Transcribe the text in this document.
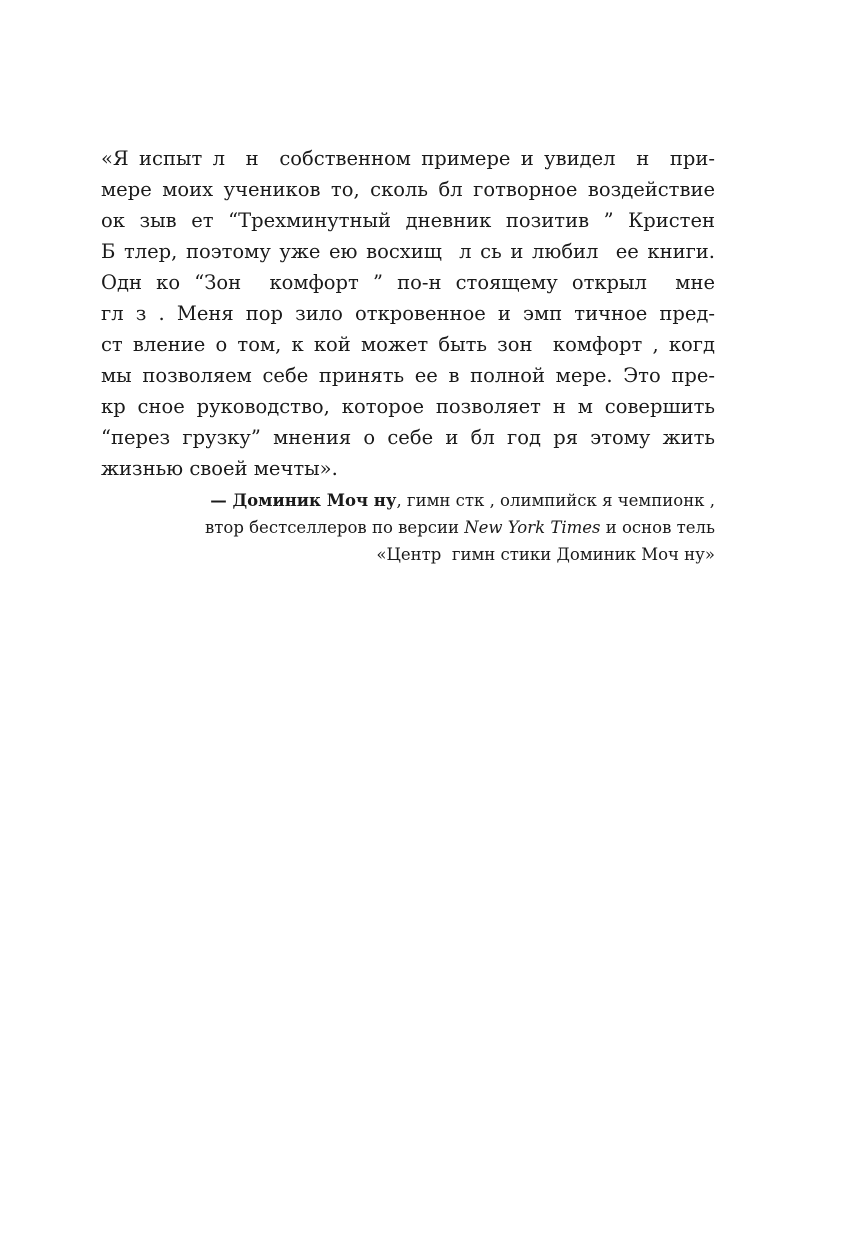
«Я испыт л  н  собственном примере и увидел  н  при-
мере моих учеников то, сколь бл готворное воздействие
ок зыв ет “Трехминутный дневник позитив ” Кристен
Б тлер, поэтому уже ею восхищ  л сь и любил  ее книги.
Одн ко “Зон  комфорт ” по-н стоящему открыл  мне
гл з . Меня пор зило откровенное и эмп тичное пред-
ст вление о том, к кой может быть зон  комфорт , когд
мы позволяем себе принять ее в полной мере. Это пре-
кр сное руководство, которое позволяет н м совершить
“перез грузку” мнения о себе и бл год ря этому жить
жизнью своей мечты».
— Доминик Моч ну, гимн стк , олимпийск я чемпионк ,
втор бестселлеров по версии New York Times и основ тель
«Центр  гимн стики Доминик Моч ну»
